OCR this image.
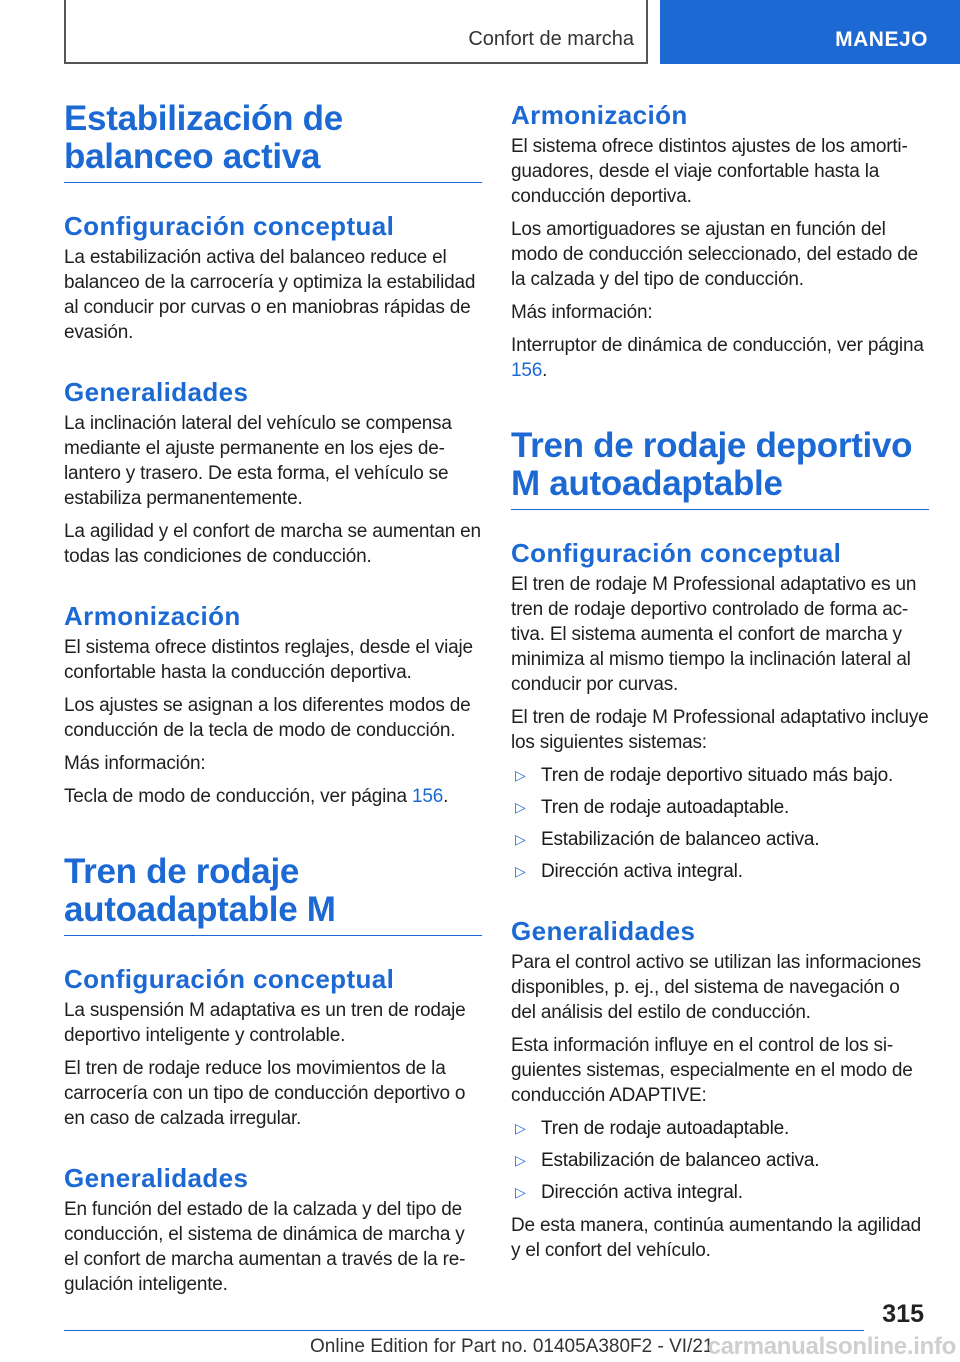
Confort de marcha	MANEJO
Estabilización de balanceo activa
Configuración conceptual

La estabilización activa del balanceo reduce el balanceo de la carrocería y optimiza la estabilidad al conducir por curvas o en maniobras rápidas de evasión.

Generalidades

La inclinación lateral del vehículo se compensa mediante el ajuste permanente en los ejes delantero y trasero. De esta forma, el vehículo se estabiliza permanentemente.

La agilidad y el confort de marcha se aumentan en todas las condiciones de conducción.

Armonización

El sistema ofrece distintos reglajes, desde el viaje confortable hasta la conducción deportiva.

Los ajustes se asignan a los diferentes modos de conducción de la tecla de modo de conducción.

Más información:

Tecla de modo de conducción, ver página 156.

Tren de rodaje autoadaptable M
Configuración conceptual

La suspensión M adaptativa es un tren de rodaje deportivo inteligente y controlable.

El tren de rodaje reduce los movimientos de la carrocería con un tipo de conducción deportivo o en caso de calzada irregular.

Generalidades

En función del estado de la calzada y del tipo de conducción, el sistema de dinámica de marcha y el confort de marcha aumentan a través de la regulación inteligente.

Armonización

El sistema ofrece distintos ajustes de los amortiguadores, desde el viaje confortable hasta la conducción deportiva.

Los amortiguadores se ajustan en función del modo de conducción seleccionado, del estado de la calzada y del tipo de conducción.

Más información:

Interruptor de dinámica de conducción, ver página 156.

Tren de rodaje deportivo M autoadaptable
Configuración conceptual

El tren de rodaje M Professional adaptativo es un tren de rodaje deportivo controlado de forma activa. El sistema aumenta el confort de marcha y minimiza al mismo tiempo la inclinación lateral al conducir por curvas.

El tren de rodaje M Professional adaptativo incluye los siguientes sistemas:

▷ Tren de rodaje deportivo situado más bajo.
▷ Tren de rodaje autoadaptable.
▷ Estabilización de balanceo activa.
▷ Dirección activa integral.
Generalidades

Para el control activo se utilizan las informaciones disponibles, p. ej., del sistema de navegación o del análisis del estilo de conducción.

Esta información influye en el control de los siguientes sistemas, especialmente en el modo de conducción ADAPTIVE:

▷ Tren de rodaje autoadaptable.
▷ Estabilización de balanceo activa.
▷ Dirección activa integral.

De esta manera, continúa aumentando la agilidad y el confort del vehículo.

315
Online Edition for Part no. 01405A380F2 - VI/21
carmanualsonline.info
